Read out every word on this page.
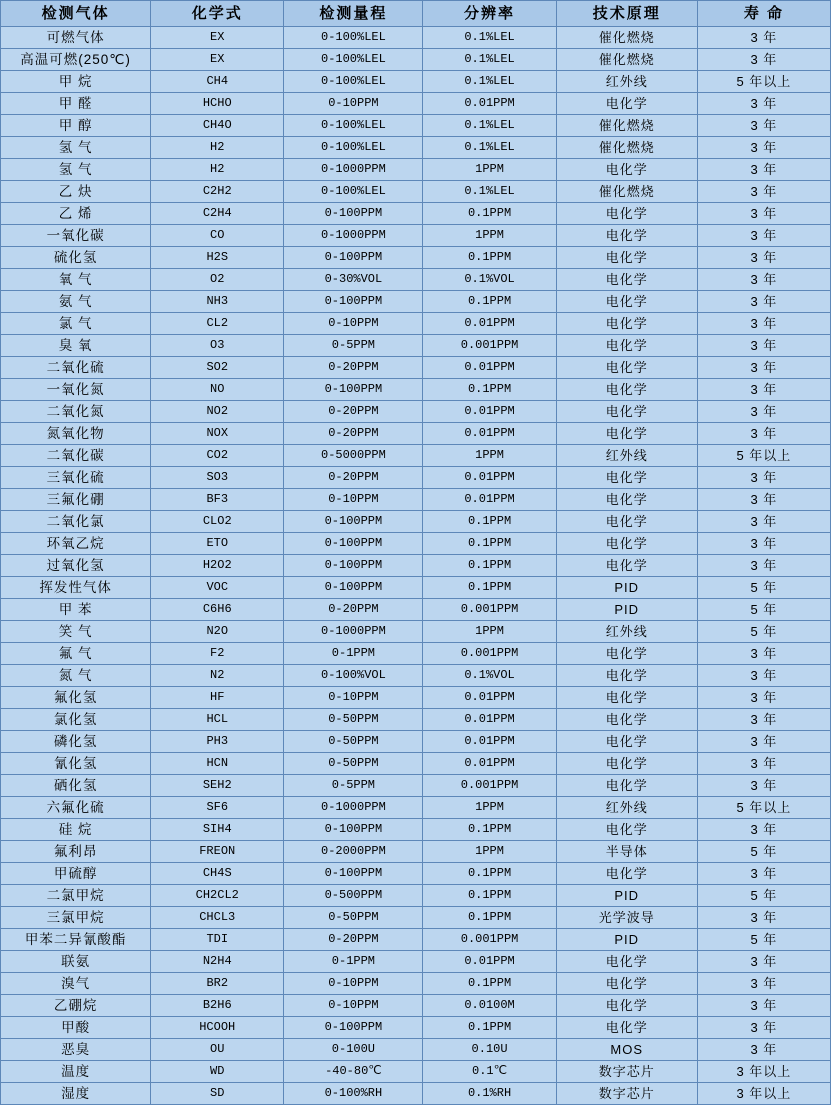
检测气体	化学式	检测量程	分辨率	技术原理	寿 命
可燃气体	EX	0-100%LEL	0.1%LEL	催化燃烧	3 年
高温可燃(250℃)	EX	0-100%LEL	0.1%LEL	催化燃烧	3 年
甲 烷	CH4	0-100%LEL	0.1%LEL	红外线	5 年以上
甲 醛	HCHO	0-10PPM	0.01PPM	电化学	3 年
甲 醇	CH4O	0-100%LEL	0.1%LEL	催化燃烧	3 年
氢 气	H2	0-100%LEL	0.1%LEL	催化燃烧	3 年
氢 气	H2	0-1000PPM	1PPM	电化学	3 年
乙 炔	C2H2	0-100%LEL	0.1%LEL	催化燃烧	3 年
乙 烯	C2H4	0-100PPM	0.1PPM	电化学	3 年
一氧化碳	CO	0-1000PPM	1PPM	电化学	3 年
硫化氢	H2S	0-100PPM	0.1PPM	电化学	3 年
氧 气	O2	0-30%VOL	0.1%VOL	电化学	3 年
氨 气	NH3	0-100PPM	0.1PPM	电化学	3 年
氯 气	CL2	0-10PPM	0.01PPM	电化学	3 年
臭 氧	O3	0-5PPM	0.001PPM	电化学	3 年
二氧化硫	SO2	0-20PPM	0.01PPM	电化学	3 年
一氧化氮	NO	0-100PPM	0.1PPM	电化学	3 年
二氧化氮	NO2	0-20PPM	0.01PPM	电化学	3 年
氮氧化物	NOX	0-20PPM	0.01PPM	电化学	3 年
二氧化碳	CO2	0-5000PPM	1PPM	红外线	5 年以上
三氧化硫	SO3	0-20PPM	0.01PPM	电化学	3 年
三氟化硼	BF3	0-10PPM	0.01PPM	电化学	3 年
二氧化氯	CLO2	0-100PPM	0.1PPM	电化学	3 年
环氧乙烷	ETO	0-100PPM	0.1PPM	电化学	3 年
过氧化氢	H2O2	0-100PPM	0.1PPM	电化学	3 年
挥发性气体	VOC	0-100PPM	0.1PPM	PID	5 年
甲 苯	C6H6	0-20PPM	0.001PPM	PID	5 年
笑 气	N2O	0-1000PPM	1PPM	红外线	5 年
氟 气	F2	0-1PPM	0.001PPM	电化学	3 年
氮 气	N2	0-100%VOL	0.1%VOL	电化学	3 年
氟化氢	HF	0-10PPM	0.01PPM	电化学	3 年
氯化氢	HCL	0-50PPM	0.01PPM	电化学	3 年
磷化氢	PH3	0-50PPM	0.01PPM	电化学	3 年
氰化氢	HCN	0-50PPM	0.01PPM	电化学	3 年
硒化氢	SEH2	0-5PPM	0.001PPM	电化学	3 年
六氟化硫	SF6	0-1000PPM	1PPM	红外线	5 年以上
硅 烷	SIH4	0-100PPM	0.1PPM	电化学	3 年
氟利昂	FREON	0-2000PPM	1PPM	半导体	5 年
甲硫醇	CH4S	0-100PPM	0.1PPM	电化学	3 年
二氯甲烷	CH2CL2	0-500PPM	0.1PPM	PID	5 年
三氯甲烷	CHCL3	0-50PPM	0.1PPM	光学波导	3 年
甲苯二异氰酸酯	TDI	0-20PPM	0.001PPM	PID	5 年
联氨	N2H4	0-1PPM	0.01PPM	电化学	3 年
溴气	BR2	0-10PPM	0.1PPM	电化学	3 年
乙硼烷	B2H6	0-10PPM	0.0100M	电化学	3 年
甲酸	HCOOH	0-100PPM	0.1PPM	电化学	3 年
恶臭	OU	0-100U	0.10U	MOS	3 年
温度	WD	-40-80℃	0.1℃	数字芯片	3 年以上
湿度	SD	0-100%RH	0.1%RH	数字芯片	3 年以上
